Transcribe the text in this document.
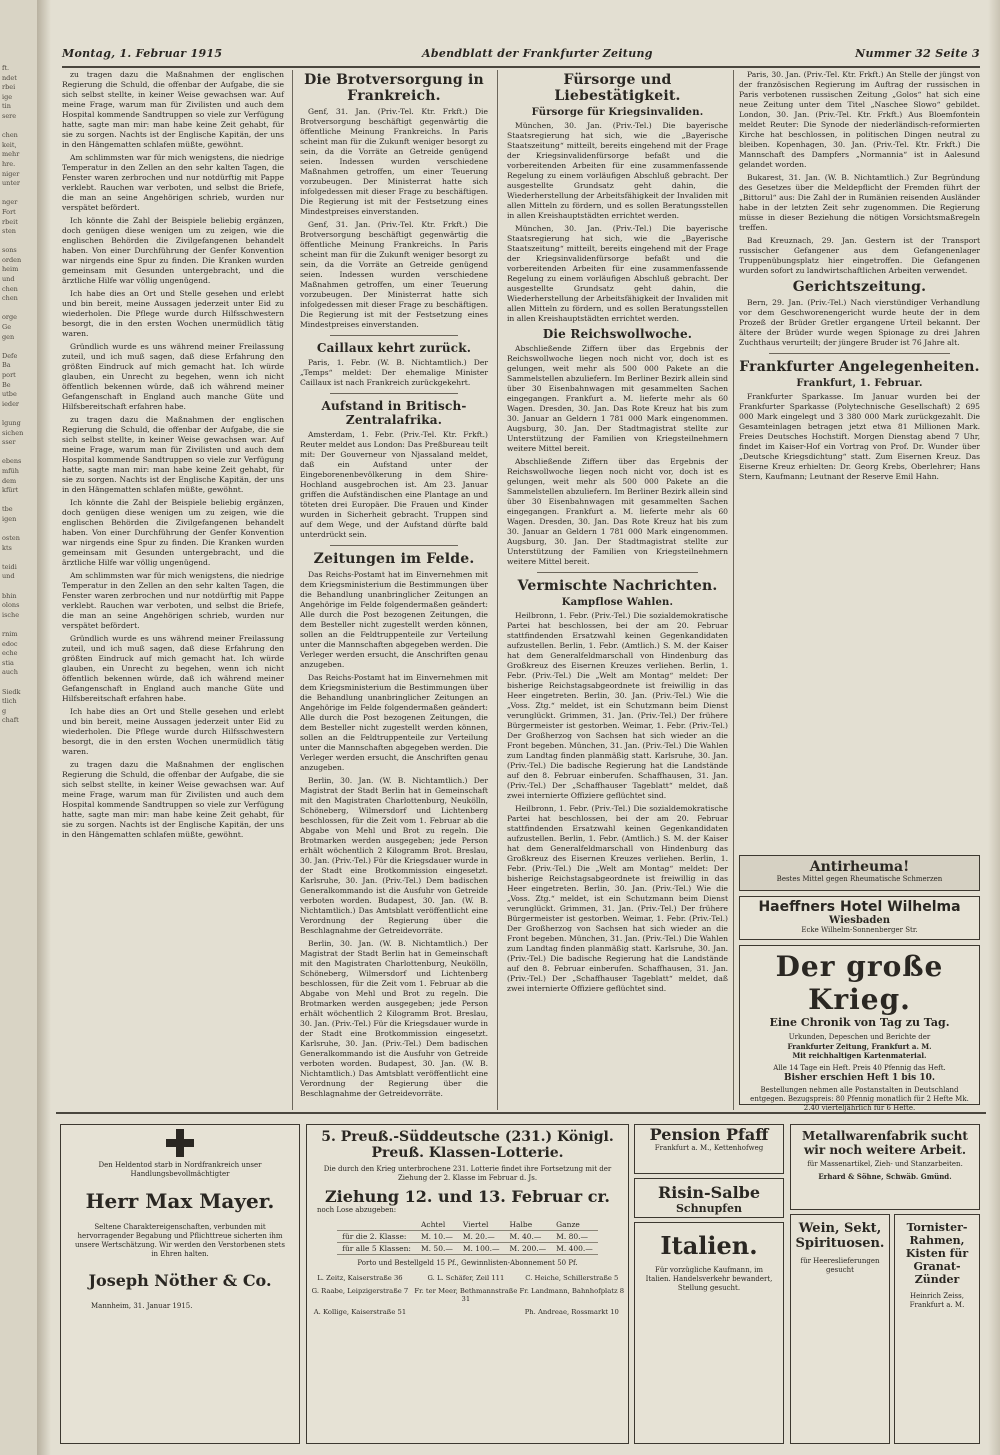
ft.
ndet
rbei
ige
tin
sere

chen
keit,
mehr
hre.
niger
unter

nger
Fort
rbeit
sten

sons
orden
heim
und
chen
chen

orge
Ge
gen

Defe
Ba
port
Be
utbe
ieder

lgung
sichen
sser

ebens
mfüh
dem
kfürt

tbe
igen

osten
kts

teidi
und

bhin
olons
ische

rnim
edoc
eche
stia
auch

Siedk
tlich
g
chaft
Montag, 1. Februar 1915	Abendblatt der Frankfurter Zeitung	Nummer 32 Seite 3

zu tragen dazu die Maßnahmen der englischen Regierung die Schuld, die offenbar der Aufgabe, die sie sich selbst stellte, in keiner Weise gewachsen war. Auf meine Frage, warum man für Zivilisten und auch dem Hospital kommende Sandtruppen so viele zur Verfügung hatte, sagte man mir: man habe keine Zeit gehabt, für sie zu sorgen. Nachts ist der Englische Kapitän, der uns in den Hängematten schlafen müßte, gewöhnt.

Am schlimmsten war für mich wenigstens, die niedrige Temperatur in den Zellen an den sehr kalten Tagen, die Fenster waren zerbrochen und nur notdürftig mit Pappe verklebt. Rauchen war verboten, und selbst die Briefe, die man an seine Angehörigen schrieb, wurden nur verspätet befördert.

Ich könnte die Zahl der Beispiele beliebig ergänzen, doch genügen diese wenigen um zu zeigen, wie die englischen Behörden die Zivilgefangenen behandelt haben. Von einer Durchführung der Genfer Konvention war nirgends eine Spur zu finden. Die Kranken wurden gemeinsam mit Gesunden untergebracht, und die ärztliche Hilfe war völlig ungenügend.

Ich habe dies an Ort und Stelle gesehen und erlebt und bin bereit, meine Aussagen jederzeit unter Eid zu wiederholen. Die Pflege wurde durch Hilfsschwestern besorgt, die in den ersten Wochen unermüdlich tätig waren.

Gründlich wurde es uns während meiner Freilassung zuteil, und ich muß sagen, daß diese Erfahrung den größten Eindruck auf mich gemacht hat. Ich würde glauben, ein Unrecht zu begehen, wenn ich nicht öffentlich bekennen würde, daß ich während meiner Gefangenschaft in England auch manche Güte und Hilfsbereitschaft erfahren habe.

zu tragen dazu die Maßnahmen der englischen Regierung die Schuld, die offenbar der Aufgabe, die sie sich selbst stellte, in keiner Weise gewachsen war. Auf meine Frage, warum man für Zivilisten und auch dem Hospital kommende Sandtruppen so viele zur Verfügung hatte, sagte man mir: man habe keine Zeit gehabt, für sie zu sorgen. Nachts ist der Englische Kapitän, der uns in den Hängematten schlafen müßte, gewöhnt.

Ich könnte die Zahl der Beispiele beliebig ergänzen, doch genügen diese wenigen um zu zeigen, wie die englischen Behörden die Zivilgefangenen behandelt haben. Von einer Durchführung der Genfer Konvention war nirgends eine Spur zu finden. Die Kranken wurden gemeinsam mit Gesunden untergebracht, und die ärztliche Hilfe war völlig ungenügend.

Am schlimmsten war für mich wenigstens, die niedrige Temperatur in den Zellen an den sehr kalten Tagen, die Fenster waren zerbrochen und nur notdürftig mit Pappe verklebt. Rauchen war verboten, und selbst die Briefe, die man an seine Angehörigen schrieb, wurden nur verspätet befördert.

Gründlich wurde es uns während meiner Freilassung zuteil, und ich muß sagen, daß diese Erfahrung den größten Eindruck auf mich gemacht hat. Ich würde glauben, ein Unrecht zu begehen, wenn ich nicht öffentlich bekennen würde, daß ich während meiner Gefangenschaft in England auch manche Güte und Hilfsbereitschaft erfahren habe.

Ich habe dies an Ort und Stelle gesehen und erlebt und bin bereit, meine Aussagen jederzeit unter Eid zu wiederholen. Die Pflege wurde durch Hilfsschwestern besorgt, die in den ersten Wochen unermüdlich tätig waren.

zu tragen dazu die Maßnahmen der englischen Regierung die Schuld, die offenbar der Aufgabe, die sie sich selbst stellte, in keiner Weise gewachsen war. Auf meine Frage, warum man für Zivilisten und auch dem Hospital kommende Sandtruppen so viele zur Verfügung hatte, sagte man mir: man habe keine Zeit gehabt, für sie zu sorgen. Nachts ist der Englische Kapitän, der uns in den Hängematten schlafen müßte, gewöhnt.

Die Brotversorgung in Frankreich.

Genf, 31. Jan. (Priv.-Tel. Ktr. Frkft.) Die Brotversorgung beschäftigt gegenwärtig die öffentliche Meinung Frankreichs. In Paris scheint man für die Zukunft weniger besorgt zu sein, da die Vorräte an Getreide genügend seien. Indessen wurden verschiedene Maßnahmen getroffen, um einer Teuerung vorzubeugen. Der Ministerrat hatte sich infolgedessen mit dieser Frage zu beschäftigen. Die Regierung ist mit der Festsetzung eines Mindestpreises einverstanden.

Genf, 31. Jan. (Priv.-Tel. Ktr. Frkft.) Die Brotversorgung beschäftigt gegenwärtig die öffentliche Meinung Frankreichs. In Paris scheint man für die Zukunft weniger besorgt zu sein, da die Vorräte an Getreide genügend seien. Indessen wurden verschiedene Maßnahmen getroffen, um einer Teuerung vorzubeugen. Der Ministerrat hatte sich infolgedessen mit dieser Frage zu beschäftigen. Die Regierung ist mit der Festsetzung eines Mindestpreises einverstanden.

Caillaux kehrt zurück.

Paris, 1. Febr. (W. B. Nichtamtlich.) Der „Temps“ meldet: Der ehemalige Minister Caillaux ist nach Frankreich zurückgekehrt.

Aufstand in Britisch-Zentralafrika.

Amsterdam, 1. Febr. (Priv.-Tel. Ktr. Frkft.) Reuter meldet aus London: Das Preßbureau teilt mit: Der Gouverneur von Njassaland meldet, daß ein Aufstand unter der Eingeborenenbevölkerung in dem Shire-Hochland ausgebrochen ist. Am 23. Januar griffen die Aufständischen eine Plantage an und töteten drei Europäer. Die Frauen und Kinder wurden in Sicherheit gebracht. Truppen sind auf dem Wege, und der Aufstand dürfte bald unterdrückt sein.

Zeitungen im Felde.

Das Reichs-Postamt hat im Einvernehmen mit dem Kriegsministerium die Bestimmungen über die Behandlung unanbringlicher Zeitungen an Angehörige im Felde folgendermaßen geändert: Alle durch die Post bezogenen Zeitungen, die dem Besteller nicht zugestellt werden können, sollen an die Feldtruppenteile zur Verteilung unter die Mannschaften abgegeben werden. Die Verleger werden ersucht, die Anschriften genau anzugeben.

Das Reichs-Postamt hat im Einvernehmen mit dem Kriegsministerium die Bestimmungen über die Behandlung unanbringlicher Zeitungen an Angehörige im Felde folgendermaßen geändert: Alle durch die Post bezogenen Zeitungen, die dem Besteller nicht zugestellt werden können, sollen an die Feldtruppenteile zur Verteilung unter die Mannschaften abgegeben werden. Die Verleger werden ersucht, die Anschriften genau anzugeben.

Berlin, 30. Jan. (W. B. Nichtamtlich.) Der Magistrat der Stadt Berlin hat in Gemeinschaft mit den Magistraten Charlottenburg, Neukölln, Schöneberg, Wilmersdorf und Lichtenberg beschlossen, für die Zeit vom 1. Februar ab die Abgabe von Mehl und Brot zu regeln. Die Brotmarken werden ausgegeben; jede Person erhält wöchentlich 2 Kilogramm Brot. Breslau, 30. Jan. (Priv.-Tel.) Für die Kriegsdauer wurde in der Stadt eine Brotkommission eingesetzt. Karlsruhe, 30. Jan. (Priv.-Tel.) Dem badischen Generalkommando ist die Ausfuhr von Getreide verboten worden. Budapest, 30. Jan. (W. B. Nichtamtlich.) Das Amtsblatt veröffentlicht eine Verordnung der Regierung über die Beschlagnahme der Getreidevorräte.

Berlin, 30. Jan. (W. B. Nichtamtlich.) Der Magistrat der Stadt Berlin hat in Gemeinschaft mit den Magistraten Charlottenburg, Neukölln, Schöneberg, Wilmersdorf und Lichtenberg beschlossen, für die Zeit vom 1. Februar ab die Abgabe von Mehl und Brot zu regeln. Die Brotmarken werden ausgegeben; jede Person erhält wöchentlich 2 Kilogramm Brot. Breslau, 30. Jan. (Priv.-Tel.) Für die Kriegsdauer wurde in der Stadt eine Brotkommission eingesetzt. Karlsruhe, 30. Jan. (Priv.-Tel.) Dem badischen Generalkommando ist die Ausfuhr von Getreide verboten worden. Budapest, 30. Jan. (W. B. Nichtamtlich.) Das Amtsblatt veröffentlicht eine Verordnung der Regierung über die Beschlagnahme der Getreidevorräte.

Fürsorge und Liebestätigkeit.
Fürsorge für Kriegsinvaliden.

München, 30. Jan. (Priv.-Tel.) Die bayerische Staatsregierung hat sich, wie die „Bayerische Staatszeitung“ mitteilt, bereits eingehend mit der Frage der Kriegsinvalidenfürsorge befaßt und die vorbereitenden Arbeiten für eine zusammenfassende Regelung zu einem vorläufigen Abschluß gebracht. Der ausgestellte Grundsatz geht dahin, die Wiederherstellung der Arbeitsfähigkeit der Invaliden mit allen Mitteln zu fördern, und es sollen Beratungsstellen in allen Kreishauptstädten errichtet werden.

München, 30. Jan. (Priv.-Tel.) Die bayerische Staatsregierung hat sich, wie die „Bayerische Staatszeitung“ mitteilt, bereits eingehend mit der Frage der Kriegsinvalidenfürsorge befaßt und die vorbereitenden Arbeiten für eine zusammenfassende Regelung zu einem vorläufigen Abschluß gebracht. Der ausgestellte Grundsatz geht dahin, die Wiederherstellung der Arbeitsfähigkeit der Invaliden mit allen Mitteln zu fördern, und es sollen Beratungsstellen in allen Kreishauptstädten errichtet werden.

Die Reichswollwoche.

Abschließende Ziffern über das Ergebnis der Reichswollwoche liegen noch nicht vor, doch ist es gelungen, weit mehr als 500 000 Pakete an die Sammelstellen abzuliefern. Im Berliner Bezirk allein sind über 30 Eisenbahnwagen mit gesammelten Sachen eingegangen. Frankfurt a. M. lieferte mehr als 60 Wagen. Dresden, 30. Jan. Das Rote Kreuz hat bis zum 30. Januar an Geldern 1 781 000 Mark eingenommen. Augsburg, 30. Jan. Der Stadtmagistrat stellte zur Unterstützung der Familien von Kriegsteilnehmern weitere Mittel bereit.

Abschließende Ziffern über das Ergebnis der Reichswollwoche liegen noch nicht vor, doch ist es gelungen, weit mehr als 500 000 Pakete an die Sammelstellen abzuliefern. Im Berliner Bezirk allein sind über 30 Eisenbahnwagen mit gesammelten Sachen eingegangen. Frankfurt a. M. lieferte mehr als 60 Wagen. Dresden, 30. Jan. Das Rote Kreuz hat bis zum 30. Januar an Geldern 1 781 000 Mark eingenommen. Augsburg, 30. Jan. Der Stadtmagistrat stellte zur Unterstützung der Familien von Kriegsteilnehmern weitere Mittel bereit.

Vermischte Nachrichten.
Kampflose Wahlen.

Heilbronn, 1. Febr. (Priv.-Tel.) Die sozialdemokratische Partei hat beschlossen, bei der am 20. Februar stattfindenden Ersatzwahl keinen Gegenkandidaten aufzustellen. Berlin, 1. Febr. (Amtlich.) S. M. der Kaiser hat dem Generalfeldmarschall von Hindenburg das Großkreuz des Eisernen Kreuzes verliehen. Berlin, 1. Febr. (Priv.-Tel.) Die „Welt am Montag“ meldet: Der bisherige Reichstagsabgeordnete ist freiwillig in das Heer eingetreten. Berlin, 30. Jan. (Priv.-Tel.) Wie die „Voss. Ztg.“ meldet, ist ein Schutzmann beim Dienst verunglückt. Grimmen, 31. Jan. (Priv.-Tel.) Der frühere Bürgermeister ist gestorben. Weimar, 1. Febr. (Priv.-Tel.) Der Großherzog von Sachsen hat sich wieder an die Front begeben. München, 31. Jan. (Priv.-Tel.) Die Wahlen zum Landtag finden planmäßig statt. Karlsruhe, 30. Jan. (Priv.-Tel.) Die badische Regierung hat die Landstände auf den 8. Februar einberufen. Schaffhausen, 31. Jan. (Priv.-Tel.) Der „Schaffhauser Tageblatt“ meldet, daß zwei internierte Offiziere geflüchtet sind.

Heilbronn, 1. Febr. (Priv.-Tel.) Die sozialdemokratische Partei hat beschlossen, bei der am 20. Februar stattfindenden Ersatzwahl keinen Gegenkandidaten aufzustellen. Berlin, 1. Febr. (Amtlich.) S. M. der Kaiser hat dem Generalfeldmarschall von Hindenburg das Großkreuz des Eisernen Kreuzes verliehen. Berlin, 1. Febr. (Priv.-Tel.) Die „Welt am Montag“ meldet: Der bisherige Reichstagsabgeordnete ist freiwillig in das Heer eingetreten. Berlin, 30. Jan. (Priv.-Tel.) Wie die „Voss. Ztg.“ meldet, ist ein Schutzmann beim Dienst verunglückt. Grimmen, 31. Jan. (Priv.-Tel.) Der frühere Bürgermeister ist gestorben. Weimar, 1. Febr. (Priv.-Tel.) Der Großherzog von Sachsen hat sich wieder an die Front begeben. München, 31. Jan. (Priv.-Tel.) Die Wahlen zum Landtag finden planmäßig statt. Karlsruhe, 30. Jan. (Priv.-Tel.) Die badische Regierung hat die Landstände auf den 8. Februar einberufen. Schaffhausen, 31. Jan. (Priv.-Tel.) Der „Schaffhauser Tageblatt“ meldet, daß zwei internierte Offiziere geflüchtet sind.

Paris, 30. Jan. (Priv.-Tel. Ktr. Frkft.) An Stelle der jüngst von der französischen Regierung im Auftrag der russischen in Paris verbotenen russischen Zeitung „Golos“ hat sich eine neue Zeitung unter dem Titel „Naschee Slowo“ gebildet. London, 30. Jan. (Priv.-Tel. Ktr. Frkft.) Aus Bloemfontein meldet Reuter: Die Synode der niederländisch-reformierten Kirche hat beschlossen, in politischen Dingen neutral zu bleiben. Kopenhagen, 30. Jan. (Priv.-Tel. Ktr. Frkft.) Die Mannschaft des Dampfers „Normannia“ ist in Aalesund gelandet worden.

Bukarest, 31. Jan. (W. B. Nichtamtlich.) Zur Begründung des Gesetzes über die Meldepflicht der Fremden führt der „Bittorul“ aus: Die Zahl der in Rumänien reisenden Ausländer habe in der letzten Zeit sehr zugenommen. Die Regierung müsse in dieser Beziehung die nötigen Vorsichtsmaßregeln treffen.

Bad Kreuznach, 29. Jan. Gestern ist der Transport russischer Gefangener aus dem Gefangenenlager Truppenübungsplatz hier eingetroffen. Die Gefangenen wurden sofort zu landwirtschaftlichen Arbeiten verwendet.

Gerichtszeitung.

Bern, 29. Jan. (Priv.-Tel.) Nach vierstündiger Verhandlung vor dem Geschworenengericht wurde heute der in dem Prozeß der Brüder Gretler ergangene Urteil bekannt. Der ältere der Brüder wurde wegen Spionage zu drei Jahren Zuchthaus verurteilt; der jüngere Bruder ist 76 Jahre alt.

Frankfurter Angelegenheiten.
Frankfurt, 1. Februar.

Frankfurter Sparkasse. Im Januar wurden bei der Frankfurter Sparkasse (Polytechnische Gesellschaft) 2 695 000 Mark eingelegt und 3 380 000 Mark zurückgezahlt. Die Gesamteinlagen betragen jetzt etwa 81 Millionen Mark. Freies Deutsches Hochstift. Morgen Dienstag abend 7 Uhr, findet im Kaiser-Hof ein Vortrag von Prof. Dr. Wunder über „Deutsche Kriegsdichtung“ statt. Zum Eisernen Kreuz. Das Eiserne Kreuz erhielten: Dr. Georg Krebs, Oberlehrer; Hans Stern, Kaufmann; Leutnant der Reserve Emil Hahn.

Antirheuma!
Bestes Mittel gegen Rheumatische Schmerzen
Haeffners Hotel Wilhelma
Wiesbaden
Ecke Wilhelm-Sonnenberger Str.
Der große Krieg.
Eine Chronik von Tag zu Tag.
Urkunden, Depeschen und Berichte der
Frankfurter Zeitung, Frankfurt a. M.
Mit reichhaltigen Kartenmaterial.
Alle 14 Tage ein Heft. Preis 40 Pfennig das Heft.
Bisher erschien Heft 1 bis 10.
Bestellungen nehmen alle Postanstalten in Deutschland entgegen. Bezugspreis: 80 Pfennig monatlich für 2 Hefte Mk. 2.40 vierteljährlich für 6 Hefte.
Den Heldentod starb in Nordfrankreich unser Handlungsbevollmächtigter
Herr Max Mayer.
Seltene Charaktereigenschaften, verbunden mit hervorragender Begabung und Pflichttreue sicherten ihm unsere Wertschätzung. Wir werden den Verstorbenen stets in Ehren halten.
Joseph Nöther & Co.
Mannheim, 31. Januar 1915.
5. Preuß.-Süddeutsche (231.) Königl. Preuß. Klassen-Lotterie.
Die durch den Krieg unterbrochene 231. Lotterie findet ihre Fortsetzung mit der Ziehung der 2. Klasse im Februar d. Js.
Ziehung 12. und 13. Februar cr.
noch Lose abzugeben:
	Achtel	Viertel	Halbe	Ganze
für die 2. Klasse:	M. 10.—	M. 20.—	M. 40.—	M. 80.—
für alle 5 Klassen:	M. 50.—	M. 100.—	M. 200.—	M. 400.—
Porto und Bestellgeld 15 Pf., Gewinnlisten-Abonnement 50 Pf.
L. Zeitz, Kaiserstraße 36	G. L. Schäfer, Zeil 111	C. Heiche, Schillerstraße 5
G. Raabe, Leipzigerstraße 7 Fr. ter Meer, Bethmannstraße 31
Fr. Landmann, Bahnhofplatz 8
A. Kollige, Kaiserstraße 51	Ph. Andreae, Rossmarkt 10
Pension Pfaff
Frankfurt a. M., Kettenhofweg
Risin-Salbe
Schnupfen
Italien.
Für vorzügliche Kaufmann, im Italien. Handelsverkehr bewandert, Stellung gesucht.
Metallwarenfabrik sucht wir noch weitere Arbeit.
für Massenartikel, Zieh- und Stanzarbeiten.
Erhard & Söhne, Schwäb. Gmünd.
Wein, Sekt, Spirituosen.
für Heereslieferungen gesucht
Tornister-Rahmen, Kisten für Granat-Zünder
Heinrich Zeiss, Frankfurt a. M.
